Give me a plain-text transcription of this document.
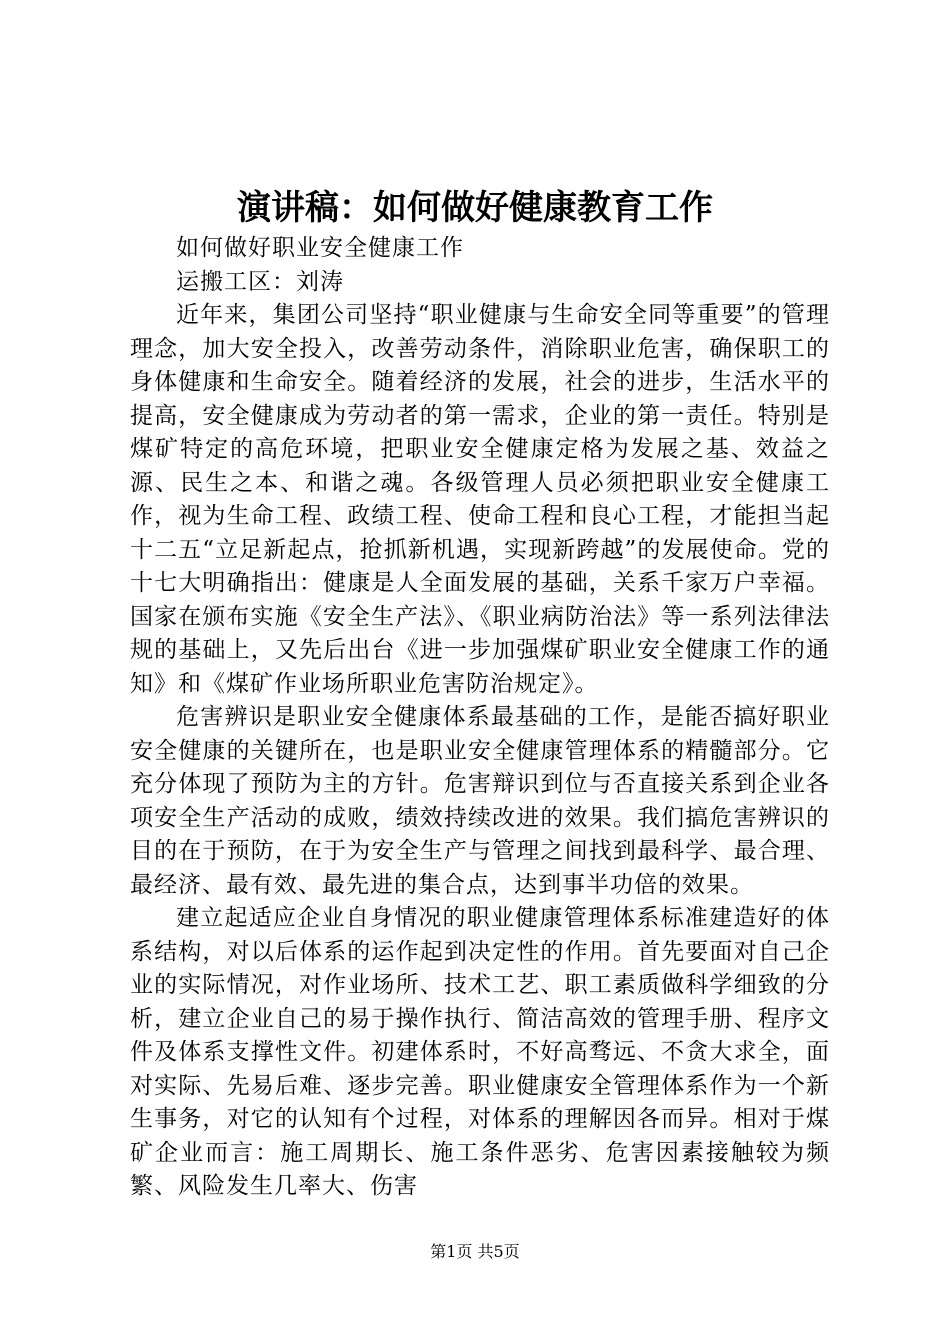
演讲稿：如何做好健康教育工作

如何做好职业安全健康工作

运搬工区：刘涛

近年来，集团公司坚持“职业健康与生命安全同等重要”的管理理念，加大安全投入，改善劳动条件，消除职业危害，确保职工的身体健康和生命安全。随着经济的发展，社会的进步，生活水平的提高，安全健康成为劳动者的第一需求，企业的第一责任。特别是煤矿特定的高危环境，把职业安全健康定格为发展之基、效益之源、民生之本、和谐之魂。各级管理人员必须把职业安全健康工作，视为生命工程、政绩工程、使命工程和良心工程，才能担当起十二五“立足新起点，抢抓新机遇，实现新跨越”的发展使命。党的十七大明确指出：健康是人全面发展的基础，关系千家万户幸福。国家在颁布实施《安全生产法》、《职业病防治法》等一系列法律法规的基础上，又先后出台《进一步加强煤矿职业安全健康工作的通知》和《煤矿作业场所职业危害防治规定》。

危害辨识是职业安全健康体系最基础的工作，是能否搞好职业安全健康的关键所在，也是职业安全健康管理体系的精髓部分。它充分体现了预防为主的方针。危害辩识到位与否直接关系到企业各项安全生产活动的成败，绩效持续改进的效果。我们搞危害辨识的目的在于预防，在于为安全生产与管理之间找到最科学、最合理、最经济、最有效、最先进的集合点，达到事半功倍的效果。

建立起适应企业自身情况的职业健康管理体系标准建造好的体系结构，对以后体系的运作起到决定性的作用。首先要面对自己企业的实际情况，对作业场所、技术工艺、职工素质做科学细致的分析，建立企业自己的易于操作执行、简洁高效的管理手册、程序文件及体系支撑性文件。初建体系时，不好高骛远、不贪大求全，面对实际、先易后难、逐步完善。职业健康安全管理体系作为一个新生事务，对它的认知有个过程，对体系的理解因各而异。相对于煤矿企业而言：施工周期长、施工条件恶劣、危害因素接触较为频繁、风险发生几率大、伤害

第1页 共5页
